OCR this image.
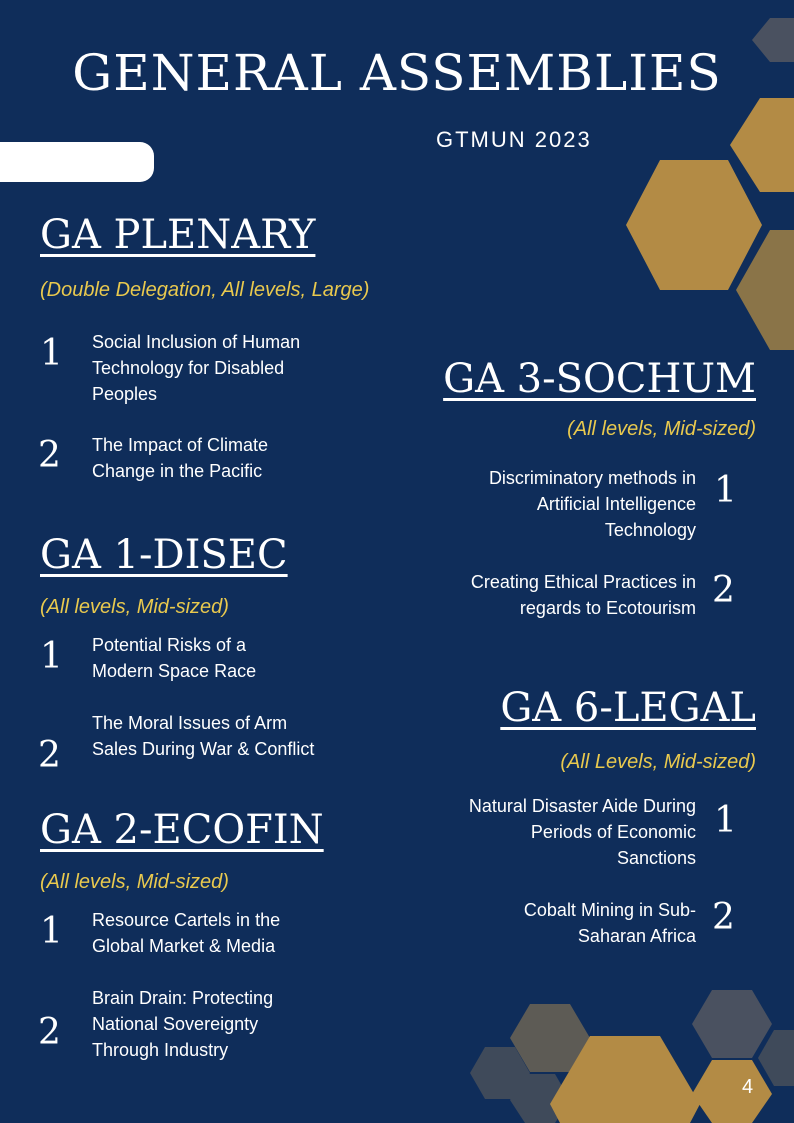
GENERAL ASSEMBLIES
GTMUN 2023
GA PLENARY
(Double Delegation, All levels, Large)
1 Social Inclusion of Human Technology for Disabled Peoples
2 The Impact of Climate Change in the Pacific
GA 1-DISEC
(All levels, Mid-sized)
1 Potential Risks of a Modern Space Race
2
The Moral Issues of Arm Sales During War & Conflict
GA 2-ECOFIN
(All levels, Mid-sized)
1 Resource Cartels in the Global Market & Media
2
Brain Drain: Protecting National Sovereignty Through Industry
GA 3-SOCHUM
(All levels, Mid-sized)
Discriminatory methods in Artificial Intelligence Technology
1
Creating Ethical Practices in regards to Ecotourism 2
GA 6-LEGAL
(All Levels, Mid-sized)
Natural Disaster Aide During Periods of Economic Sanctions
1
Cobalt Mining in Sub-Saharan Africa 2
4
